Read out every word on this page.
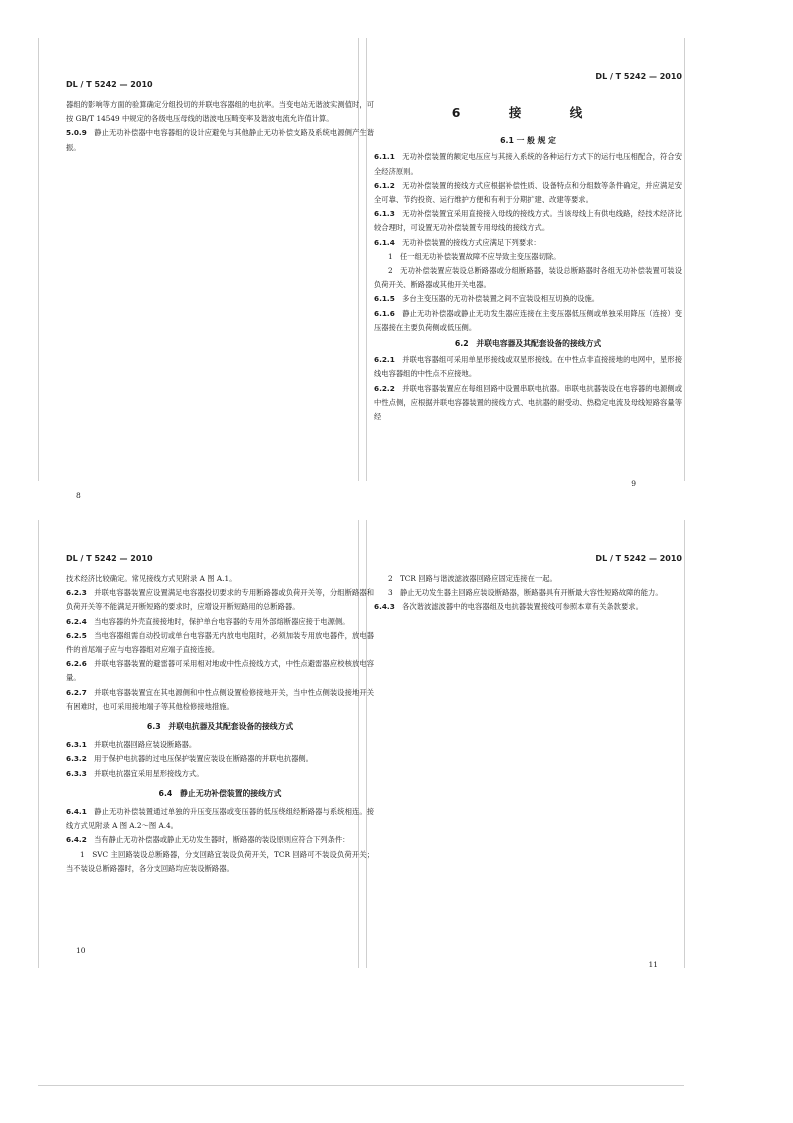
DL / T 5242 — 2010

器组的影响等方面的验算确定分组投切的并联电容器组的电抗率。当变电站无谐波实测值时，可按 GB/T 14549 中规定的各级电压母线的谐波电压畸变率及谐波电流允许值计算。

5.0.9　 静止无功补偿器中电容器组的设计应避免与其他静止无功补偿支路及系统电源侧产生谐振。

8
DL / T 5242 — 2010
6 接 线
6.1 一 般 规 定

6.1.1　 无功补偿装置的额定电压应与其接入系统的各种运行方式下的运行电压相配合，符合安全经济原则。

6.1.2　 无功补偿装置的接线方式应根据补偿性质、设备特点和分组数等条件确定，并应满足安全可靠、节约投资、运行维护方便和有利于分期扩建、改建等要求。

6.1.3　 无功补偿装置宜采用直接接入母线的接线方式。当该母线上有供电线路，经技术经济比较合理时，可设置无功补偿装置专用母线的接线方式。

6.1.4　 无功补偿装置的接线方式应满足下列要求：

1　任一组无功补偿装置故障不应导致主变压器切除。

2　无功补偿装置应装设总断路器或分组断路器，装设总断路器时各组无功补偿装置可装设负荷开关、断路器或其他开关电器。

6.1.5　 多台主变压器的无功补偿装置之间不宜装设相互切换的设施。

6.1.6　 静止无功补偿器或静止无功发生器应连接在主变压器低压侧或单独采用降压（连接）变压器接在主要负荷侧或低压侧。

6.2　并联电容器及其配套设备的接线方式

6.2.1　 并联电容器组可采用单星形接线或双星形接线。在中性点非直接接地的电网中，星形接线电容器组的中性点不应接地。

6.2.2　 并联电容器装置应在每组回路中设置串联电抗器。串联电抗器装设在电容器的电源侧或中性点侧，应根据并联电容器装置的接线方式、电抗器的耐受动、热稳定电流及母线短路容量等经

9
DL / T 5242 — 2010

技术经济比较确定。常见接线方式见附录 A 图 A.1。

6.2.3　 并联电容器装置应设置满足电容器投切要求的专用断路器或负荷开关等，分组断路器和负荷开关等不能满足开断短路的要求时，应增设开断短路用的总断路器。

6.2.4　 当电容器的外壳直接接地时，保护单台电容器的专用外部熔断器应接于电源侧。

6.2.5　 当电容器组需自动投切或单台电容器无内放电电阻时，必须加装专用放电器件，放电器件的首尾端子应与电容器组对应端子直接连接。

6.2.6　 并联电容器装置的避雷器可采用相对地或中性点接线方式，中性点避雷器应校核放电容量。

6.2.7　 并联电容器装置宜在其电源侧和中性点侧设置检修接地开关，当中性点侧装设接地开关有困难时，也可采用接地端子等其他检修接地措施。

6.3　并联电抗器及其配套设备的接线方式

6.3.1　 并联电抗器回路应装设断路器。

6.3.2　 用于保护电抗器的过电压保护装置应装设在断路器的并联电抗器侧。

6.3.3　 并联电抗器宜采用星形接线方式。

6.4　静止无功补偿装置的接线方式

6.4.1　 静止无功补偿装置通过单独的升压变压器或变压器的低压绕组经断路器与系统相连。接线方式见附录 A 图 A.2～图 A.4。

6.4.2　 当有静止无功补偿器或静止无功发生器时，断路器的装设原则应符合下列条件：

1　SVC 主回路装设总断路器，分支回路宜装设负荷开关，TCR 回路可不装设负荷开关；当不装设总断路器时，各分支回路均应装设断路器。

10
DL / T 5242 — 2010

2　TCR 回路与谐波滤波器回路应固定连接在一起。

3　静止无功发生器主回路应装设断路器，断路器具有开断最大容性短路故障的能力。

6.4.3　 各次谐波滤波器中的电容器组及电抗器装置接线可参照本章有关条款要求。

11
